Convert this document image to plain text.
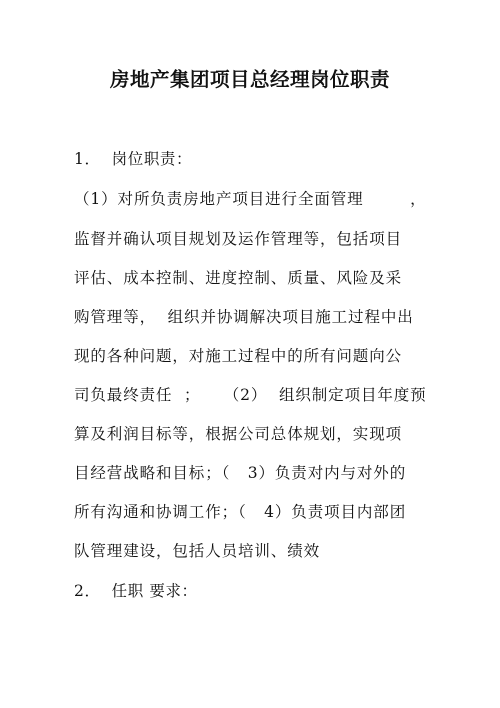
房地产集团项目总经理岗位职责
1．  岗位职责：
（1）对所负责房地产项目进行全面管理        ，
监督并确认项目规划及运作管理等，包括项目
评估、成本控制、进度控制、质量、风险及采
购管理等，  组织并协调解决项目施工过程中出
现的各种问题，对施工过程中的所有问题向公
司负最终责任  ；    （2）  组织制定项目年度预
算及利润目标等，根据公司总体规划，实现项
目经营战略和目标；（   3）负责对内与对外的
所有沟通和协调工作；（   4）负责项目内部团
队管理建设，包括人员培训、绩效
2．  任职 要求：
